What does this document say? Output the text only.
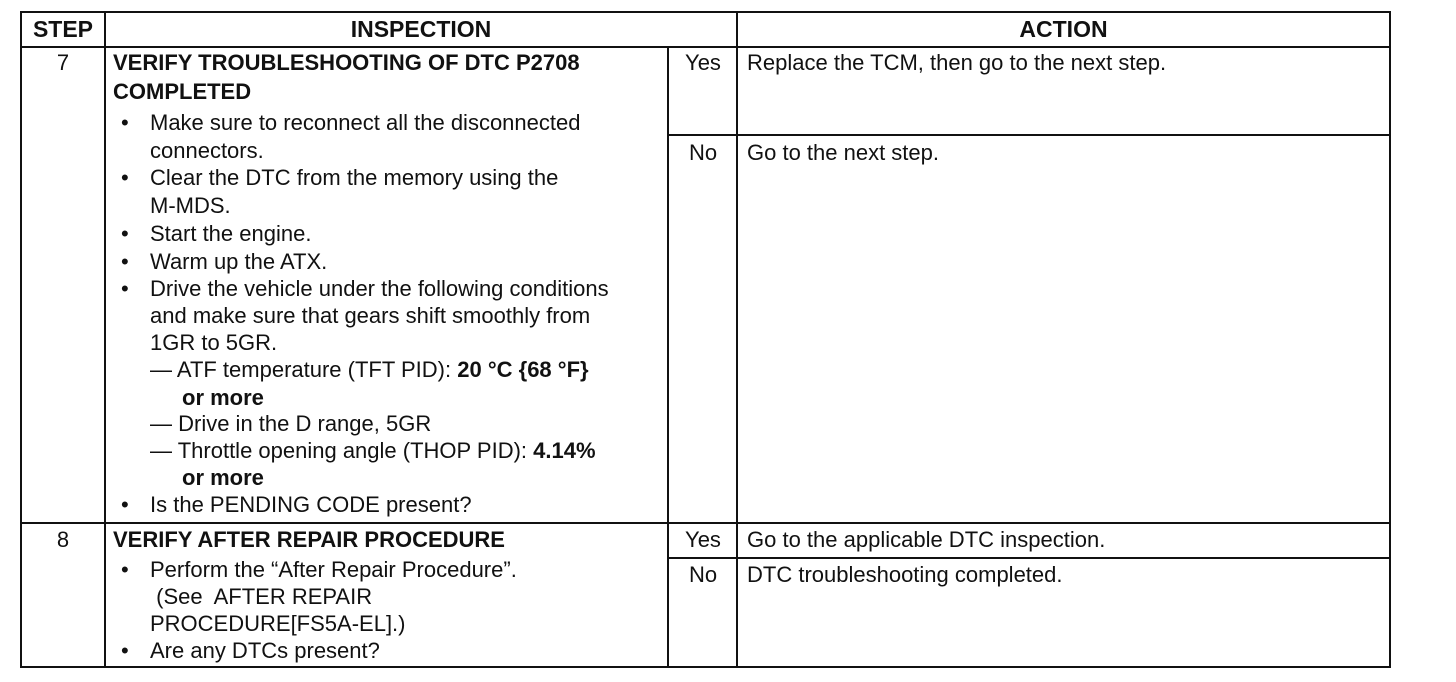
STEP	INSPECTION	ACTION
7	VERIFY TROUBLESHOOTING OF DTC P2708
COMPLETED
• Make sure to reconnect all the disconnected
connectors.
• Clear the DTC from the memory using the
M-MDS.
• Start the engine.
• Warm up the ATX.
• Drive the vehicle under the following conditions
and make sure that gears shift smoothly from
1GR to 5GR.
— ATF temperature (TFT PID): 20 °C {68 °F}
or more
— Drive in the D range, 5GR
— Throttle opening angle (THOP PID): 4.14%
or more
• Is the PENDING CODE present?
Yes	Replace the TCM, then go to the next step.
No	Go to the next step.
8	VERIFY AFTER REPAIR PROCEDURE
• Perform the “After Repair Procedure”.
(See  AFTER REPAIR
PROCEDURE[FS5A-EL].)
• Are any DTCs present?
Yes	Go to the applicable DTC inspection.
No	DTC troubleshooting completed.
